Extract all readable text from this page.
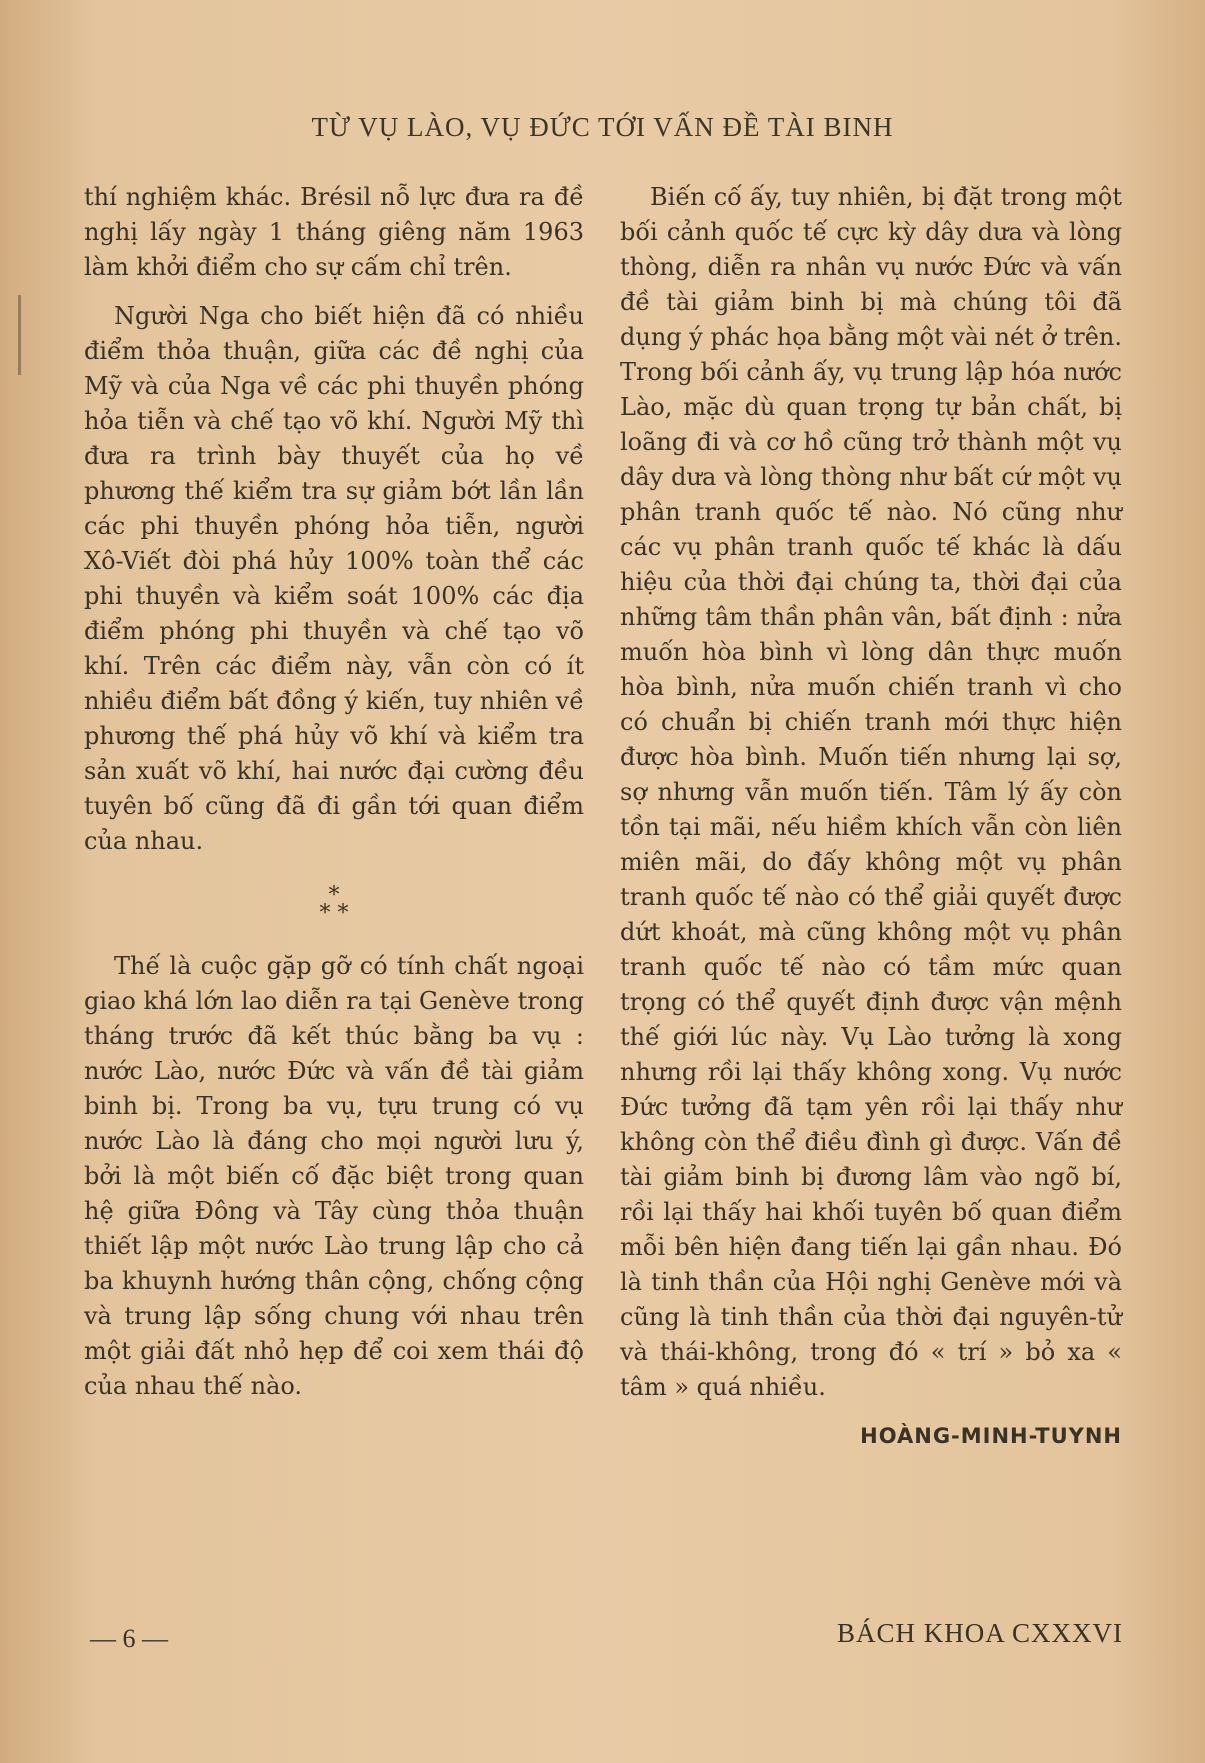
TỪ VỤ LÀO, VỤ ĐỨC TỚI VẤN ĐỀ TÀI BINH

thí nghiệm khác. Brésil nỗ lực đưa ra đề nghị lấy ngày 1 tháng giêng năm 1963 làm khởi điểm cho sự cấm chỉ trên.

Người Nga cho biết hiện đã có nhiều điểm thỏa thuận, giữa các đề nghị của Mỹ và của Nga về các phi thuyền phóng hỏa tiễn và chế tạo võ khí. Người Mỹ thì đưa ra trình bày thuyết của họ về phương thế kiểm tra sự giảm bớt lần lần các phi thuyền phóng hỏa tiễn, người Xô-Viết đòi phá hủy 100% toàn thể các phi thuyền và kiểm soát 100% các địa điểm phóng phi thuyền và chế tạo võ khí. Trên các điểm này, vẫn còn có ít nhiều điểm bất đồng ý kiến, tuy nhiên về phương thế phá hủy võ khí và kiểm tra sản xuất võ khí, hai nước đại cường đều tuyên bố cũng đã đi gần tới quan điểm của nhau.

*
* *

Thế là cuộc gặp gỡ có tính chất ngoại giao khá lớn lao diễn ra tại Genève trong tháng trước đã kết thúc bằng ba vụ : nước Lào, nước Đức và vấn đề tài giảm binh bị. Trong ba vụ, tựu trung có vụ nước Lào là đáng cho mọi người lưu ý, bởi là một biến cố đặc biệt trong quan hệ giữa Đông và Tây cùng thỏa thuận thiết lập một nước Lào trung lập cho cả ba khuynh hướng thân cộng, chống cộng và trung lập sống chung với nhau trên một giải đất nhỏ hẹp để coi xem thái độ của nhau thế nào.

Biến cố ấy, tuy nhiên, bị đặt trong một bối cảnh quốc tế cực kỳ dây dưa và lòng thòng, diễn ra nhân vụ nước Đức và vấn đề tài giảm binh bị mà chúng tôi đã dụng ý phác họa bằng một vài nét ở trên. Trong bối cảnh ấy, vụ trung lập hóa nước Lào, mặc dù quan trọng tự bản chất, bị loãng đi và cơ hồ cũng trở thành một vụ dây dưa và lòng thòng như bất cứ một vụ phân tranh quốc tế nào. Nó cũng như các vụ phân tranh quốc tế khác là dấu hiệu của thời đại chúng ta, thời đại của những tâm thần phân vân, bất định : nửa muốn hòa bình vì lòng dân thực muốn hòa bình, nửa muốn chiến tranh vì cho có chuẩn bị chiến tranh mới thực hiện được hòa bình. Muốn tiến nhưng lại sợ, sợ nhưng vẫn muốn tiến. Tâm lý ấy còn tồn tại mãi, nếu hiềm khích vẫn còn liên miên mãi, do đấy không một vụ phân tranh quốc tế nào có thể giải quyết được dứt khoát, mà cũng không một vụ phân tranh quốc tế nào có tầm mức quan trọng có thể quyết định được vận mệnh thế giới lúc này. Vụ Lào tưởng là xong nhưng rồi lại thấy không xong. Vụ nước Đức tưởng đã tạm yên rồi lại thấy như không còn thể điều đình gì được. Vấn đề tài giảm binh bị đương lâm vào ngõ bí, rồi lại thấy hai khối tuyên bố quan điểm mỗi bên hiện đang tiến lại gần nhau. Đó là tinh thần của Hội nghị Genève mới và cũng là tinh thần của thời đại nguyên-tử và thái-không, trong đó « trí » bỏ xa « tâm » quá nhiều.

HOÀNG-MINH-TUYNH
— 6 —	BÁCH KHOA CXXXVI
